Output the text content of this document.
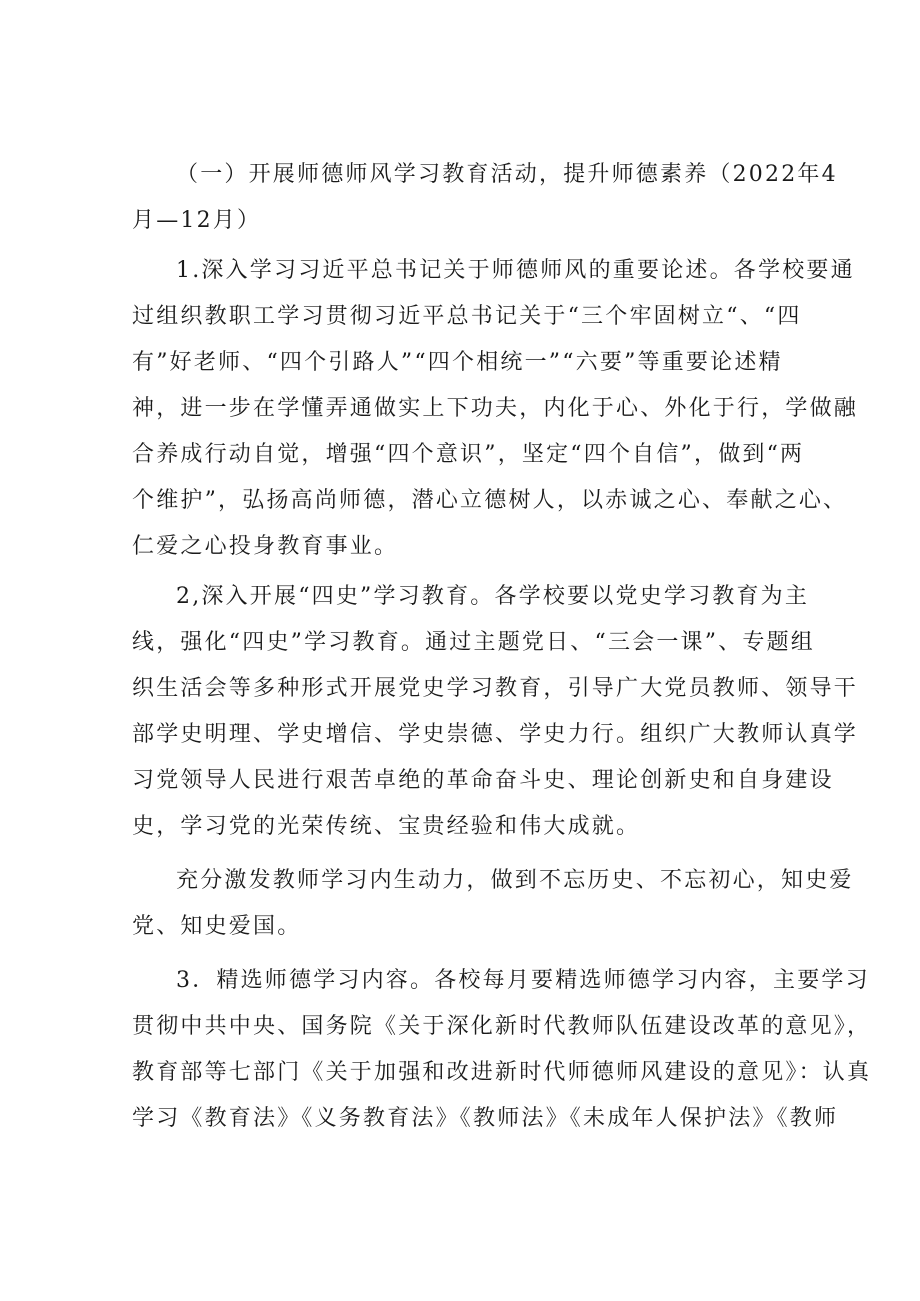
（一）开展师德师风学习教育活动，提升师德素养（2022年4
月—12月）
1.深入学习习近平总书记关于师德师风的重要论述。各学校要通
过组织教职工学习贯彻习近平总书记关于“三个牢固树立“、“四
有”好老师、“四个引路人”“四个相统一”“六要”等重要论述精
神，进一步在学懂弄通做实上下功夫，内化于心、外化于行，学做融
合养成行动自觉，增强“四个意识”，坚定“四个自信”，做到“两
个维护”，弘扬高尚师德，潜心立德树人，以赤诚之心、奉献之心、
仁爱之心投身教育事业。
2,深入开展“四史”学习教育。各学校要以党史学习教育为主
线，强化“四史”学习教育。通过主题党日、“三会一课”、专题组
织生活会等多种形式开展党史学习教育，引导广大党员教师、领导干
部学史明理、学史增信、学史崇德、学史力行。组织广大教师认真学
习党领导人民进行艰苦卓绝的革命奋斗史、理论创新史和自身建设
史，学习党的光荣传统、宝贵经验和伟大成就。
充分激发教师学习内生动力，做到不忘历史、不忘初心，知史爱
党、知史爱国。
3．精选师德学习内容。各校每月要精选师德学习内容，主要学习
贯彻中共中央、国务院《关于深化新时代教师队伍建设改革的意见》，
教育部等七部门《关于加强和改进新时代师德师风建设的意见》：认真
学习《教育法》《义务教育法》《教师法》《未成年人保护法》《教师
